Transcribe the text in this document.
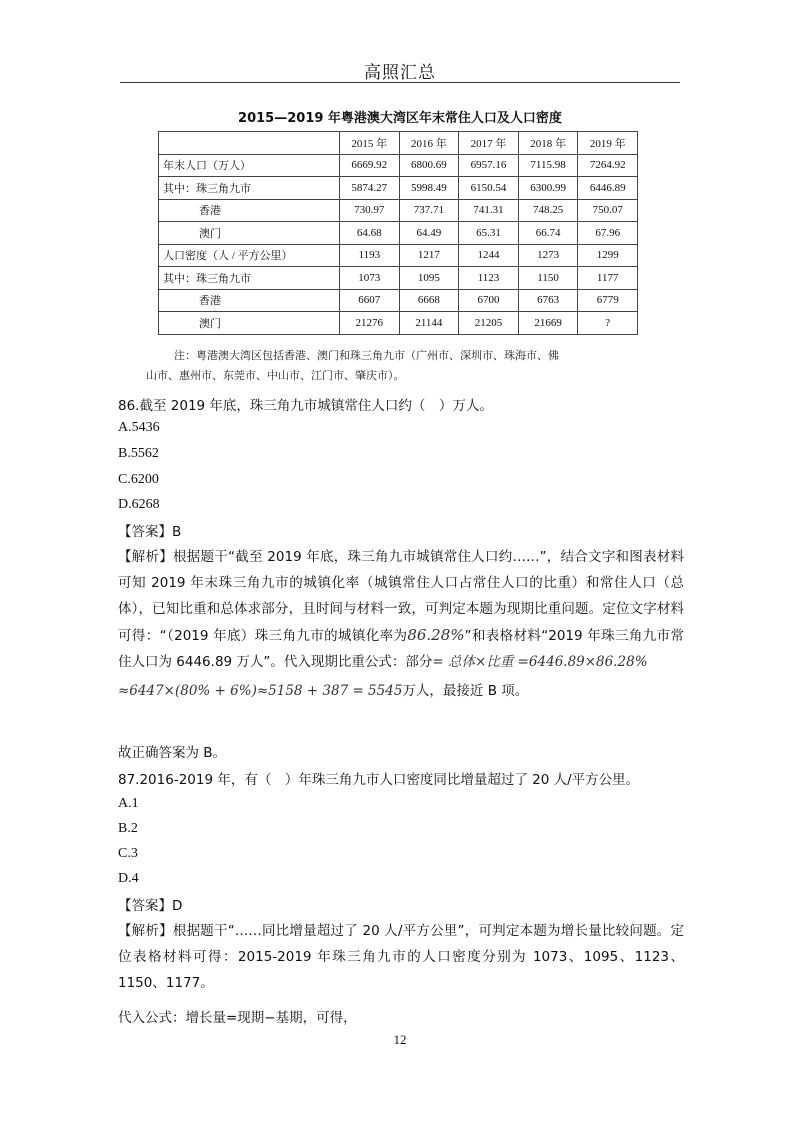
高照汇总
2015—2019 年粤港澳大湾区年末常住人口及人口密度
	2015 年	2016 年	2017 年	2018 年	2019 年
年末人口（万人）	6669.92	6800.69	6957.16	7115.98	7264.92
其中：珠三角九市	5874.27	5998.49	6150.54	6300.99	6446.89
香港	730.97	737.71	741.31	748.25	750.07
澳门	64.68	64.49	65.31	66.74	67.96
人口密度（人 / 平方公里）	1193	1217	1244	1273	1299
其中：珠三角九市	1073	1095	1123	1150	1177
香港	6607	6668	6700	6763	6779
澳门	21276	21144	21205	21669	?
注：粤港澳大湾区包括香港、澳门和珠三角九市（广州市、深圳市、珠海市、佛
山市、惠州市、东莞市、中山市、江门市、肇庆市）。
86.截至 2019 年底，珠三角九市城镇常住人口约（　）万人。
A.5436
B.5562
C.6200
D.6268
【答案】B
【解析】根据题干“截至 2019 年底，珠三角九市城镇常住人口约……”，结合文字和图表材料可知 2019 年末珠三角九市的城镇化率（城镇常住人口占常住人口的比重）和常住人口（总体），已知比重和总体求部分，且时间与材料一致，可判定本题为现期比重问题。定位文字材料可得：“（2019 年底）珠三角九市的城镇化率为86.28%”和表格材料“2019 年珠三角九市常住人口为 6446.89 万人”。代入现期比重公式：部分= 总体×比重 =6446.89×86.28%
≈6447×(80% + 6%)≈5158 + 387 = 5545万人，最接近 B 项。
故正确答案为 B。
87.2016-2019 年，有（　）年珠三角九市人口密度同比增量超过了 20 人/平方公里。
A.1
B.2
C.3
D.4
【答案】D
【解析】根据题干“……同比增量超过了 20 人/平方公里”，可判定本题为增长量比较问题。定位表格材料可得：2015-2019 年珠三角九市的人口密度分别为 1073、1095、1123、1150、1177。
代入公式：增长量=现期−基期，可得，
12
